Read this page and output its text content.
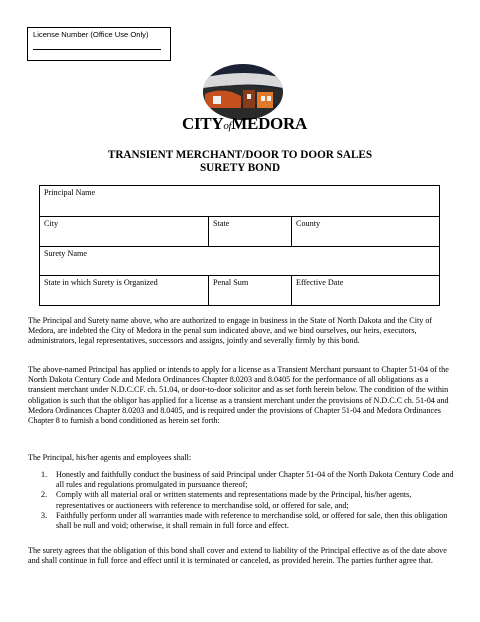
License Number (Office Use Only)
CITYofMEDORA
TRANSIENT MERCHANT/DOOR TO DOOR SALES
SURETY BOND
Principal Name		
City	State	County
Surety Name		
State in which Surety is Organized	Penal Sum	Effective Date

The Principal and Surety name above, who are authorized to engage in business in the State of North Dakota and the City of Medora, are indebted the City of Medora in the penal sum indicated above, and we bind ourselves, our heirs, executors, administrators, legal representatives, successors and assigns, jointly and severally firmly by this bond.

The above-named Principal has applied or intends to apply for a license as a Transient Merchant pursuant to Chapter 51-04 of the North Dakota Century Code and Medora Ordinances Chapter 8.0203 and 8.0405 for the performance of all obligations as a transient merchant under N.D.C.CF. ch. 51.04, or door-to-door solicitor and as set forth herein below. The condition of the within obligation is such that the obligor has applied for a license as a transient merchant under the provisions of N.D.C.C ch. 51-04 and Medora Ordinances Chapter 8.0203 and 8.0405, and is required under the provisions of Chapter 51-04 and Medora Ordinances Chapter 8 to furnish a bond conditioned as herein set forth:

The Principal, his/her agents and employees shall:

1. Honestly and faithfully conduct the business of said Principal under Chapter 51-04 of the North Dakota Century Code and all rules and regulations promulgated in pursuance thereof;
2. Comply with all material oral or written statements and representations made by the Principal, his/her agents, representatives or auctioneers with reference to merchandise sold, or offered for sale, and;
3. Faithfully perform under all warranties made with reference to merchandise sold, or offered for sale, then this obligation shall be null and void; otherwise, it shall remain in full force and effect.

The surety agrees that the obligation of this bond shall cover and extend to liability of the Principal effective as of the date above and shall continue in full force and effect until it is terminated or canceled, as provided herein. The parties further agree that.
